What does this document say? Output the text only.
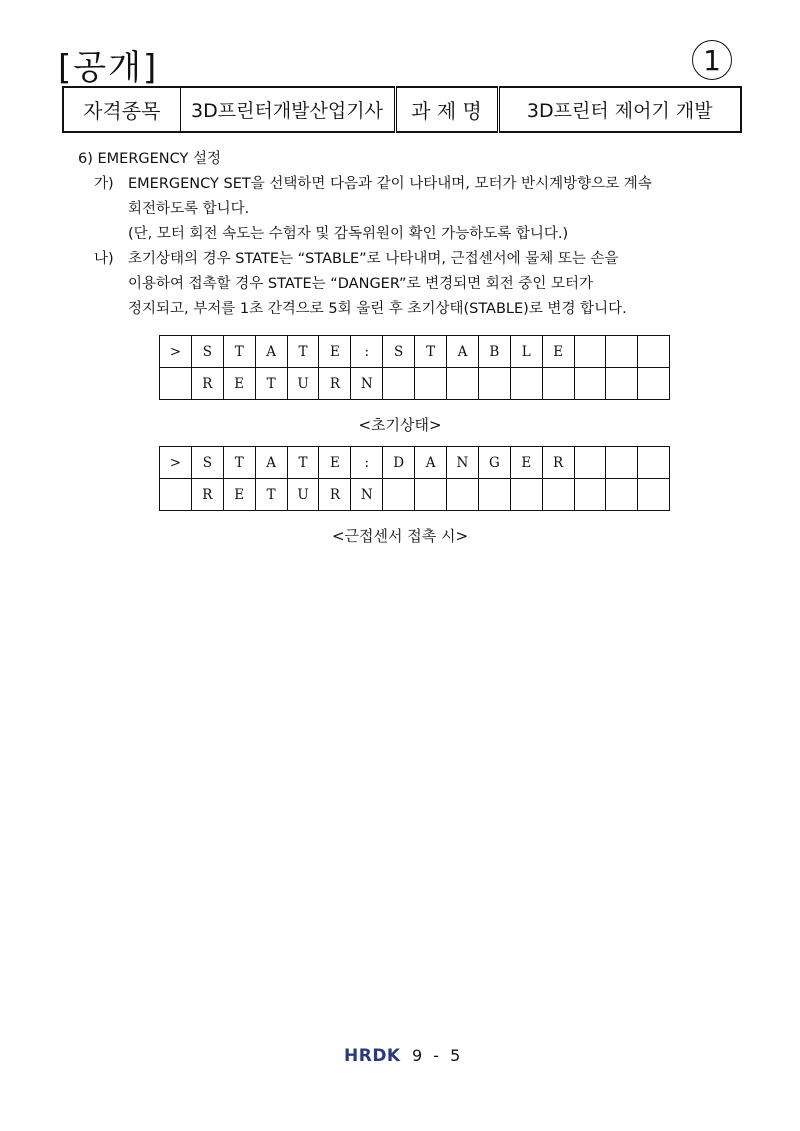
[공개]	1
자격종목	3D프린터개발산업기사	과 제 명	3D프린터 제어기 개발
6) EMERGENCY 설정
가) EMERGENCY SET을 선택하면 다음과 같이 나타내며, 모터가 반시계방향으로 계속
회전하도록 합니다.
(단, 모터 회전 속도는 수험자 및 감독위원이 확인 가능하도록 합니다.)
나) 초기상태의 경우 STATE는 “STABLE”로 나타내며, 근접센서에 물체 또는 손을
이용하여 접촉할 경우 STATE는 “DANGER”로 변경되면 회전 중인 모터가
정지되고, 부저를 1초 간격으로 5회 울린 후 초기상태(STABLE)로 변경 합니다.
>	S	T	A	T	E	:	S	T	A	B	L	E			
	R	E	T	U	R	N									
<초기상태>
>	S	T	A	T	E	:	D	A	N	G	E	R			
	R	E	T	U	R	N									
<근접센서 접촉 시>
HRDK 9 - 5
